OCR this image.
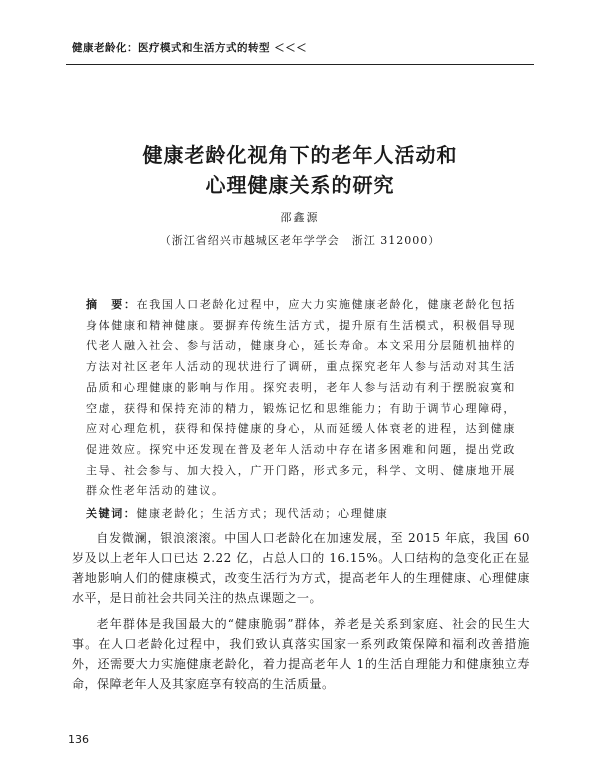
健康老龄化：医疗模式和生活方式的转型 ＜＜＜
健康老龄化视角下的老年人活动和
心理健康关系的研究
邵鑫源
（浙江省绍兴市越城区老年学学会　浙江 312000）
摘　要：在我国人口老龄化过程中，应大力实施健康老龄化，健康老龄化包括身体健康和精神健康。要摒弃传统生活方式，提升原有生活模式，积极倡导现代老人融入社会、参与活动，健康身心，延长寿命。本文采用分层随机抽样的方法对社区老年人活动的现状进行了调研，重点探究老年人参与活动对其生活品质和心理健康的影响与作用。探究表明，老年人参与活动有利于摆脱寂寞和空虚，获得和保持充沛的精力，锻炼记忆和思维能力；有助于调节心理障碍，应对心理危机，获得和保持健康的身心，从而延缓人体衰老的进程，达到健康促进效应。探究中还发现在普及老年人活动中存在诸多困难和问题，提出党政主导、社会参与、加大投入，广开门路，形式多元，科学、文明、健康地开展群众性老年活动的建议。
关键词：健康老龄化；生活方式；现代活动；心理健康
自发微澜，银浪滚滚。中国人口老龄化在加速发展，至 2015 年底，我国 60 岁及以上老年人口已达 2.22 亿，占总人口的 16.15%。人口结构的急变化正在显著地影响人们的健康模式，改变生活行为方式，提高老年人的生理健康、心理健康水平，是日前社会共同关注的热点课题之一。
老年群体是我国最大的“健康脆弱”群体，养老是关系到家庭、社会的民生大事。在人口老龄化过程中，我们致认真落实国家一系列政策保障和福利改善措施外，还需要大力实施健康老龄化，着力提高老年人 1的生活自理能力和健康独立寿命，保障老年人及其家庭享有较高的生活质量。
136
